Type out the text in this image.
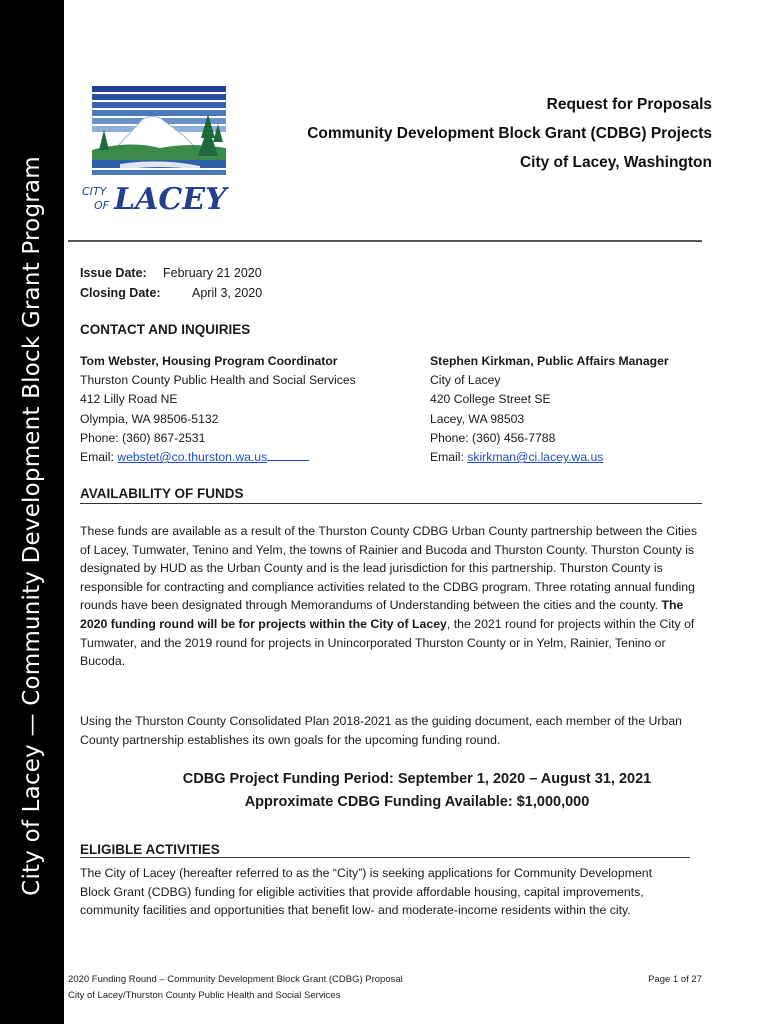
City of Lacey — Community Development Block Grant Program	CITY
OF LACEY
Request for Proposals
Community Development Block Grant (CDBG) Projects
City of Lacey, Washington
Issue Date:	February 21 2020
Closing Date:	April 3, 2020
CONTACT AND INQUIRIES
Tom Webster, Housing Program Coordinator
Thurston County Public Health and Social Services
412 Lilly Road NE
Olympia, WA 98506-5132
Phone: (360) 867-2531
Email: webstet@co.thurston.wa.us
Stephen Kirkman, Public Affairs Manager
City of Lacey
420 College Street SE
Lacey, WA 98503
Phone: (360) 456-7788
Email: skirkman@ci.lacey.wa.us
AVAILABILITY OF FUNDS
These funds are available as a result of the Thurston County CDBG Urban County partnership between the Cities of Lacey, Tumwater, Tenino and Yelm, the towns of Rainier and Bucoda and Thurston County. Thurston County is designated by HUD as the Urban County and is the lead jurisdiction for this partnership. Thurston County is responsible for contracting and compliance activities related to the CDBG program. Three rotating annual funding rounds have been designated through Memorandums of Understanding between the cities and the county. The 2020 funding round will be for projects within the City of Lacey, the 2021 round for projects within the City of Tumwater, and the 2019 round for projects in Unincorporated Thurston County or in Yelm, Rainier, Tenino or Bucoda.
Using the Thurston County Consolidated Plan 2018-2021 as the guiding document, each member of the Urban County partnership establishes its own goals for the upcoming funding round.
CDBG Project Funding Period: September 1, 2020 – August 31, 2021
Approximate CDBG Funding Available: $1,000,000
ELIGIBLE ACTIVITIES
The City of Lacey (hereafter referred to as the “City”) is seeking applications for Community Development Block Grant (CDBG) funding for eligible activities that provide affordable housing, capital improvements, community facilities and opportunities that benefit low- and moderate-income residents within the city.
2020 Funding Round – Community Development Block Grant (CDBG) Proposal
City of Lacey/Thurston County Public Health and Social Services
Page 1 of 27
